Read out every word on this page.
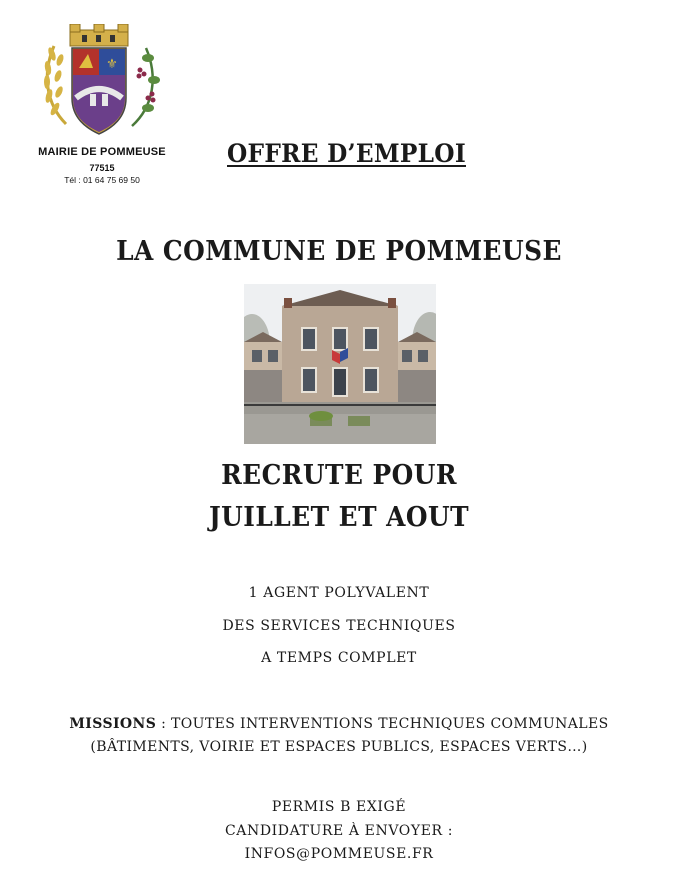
⚜
MAIRIE DE POMMEUSE
77515
Tél : 01 64 75 69 50
OFFRE D’EMPLOI
LA COMMUNE DE POMMEUSE
RECRUTE POUR
JUILLET ET AOUT
1 AGENT POLYVALENT
DES SERVICES TECHNIQUES
A TEMPS COMPLET
MISSIONS : TOUTES INTERVENTIONS TECHNIQUES COMMUNALES
(BÂTIMENTS, VOIRIE ET ESPACES PUBLICS, ESPACES VERTS…)
PERMIS B EXIGÉ
CANDIDATURE À ENVOYER :
INFOS@POMMEUSE.FR
